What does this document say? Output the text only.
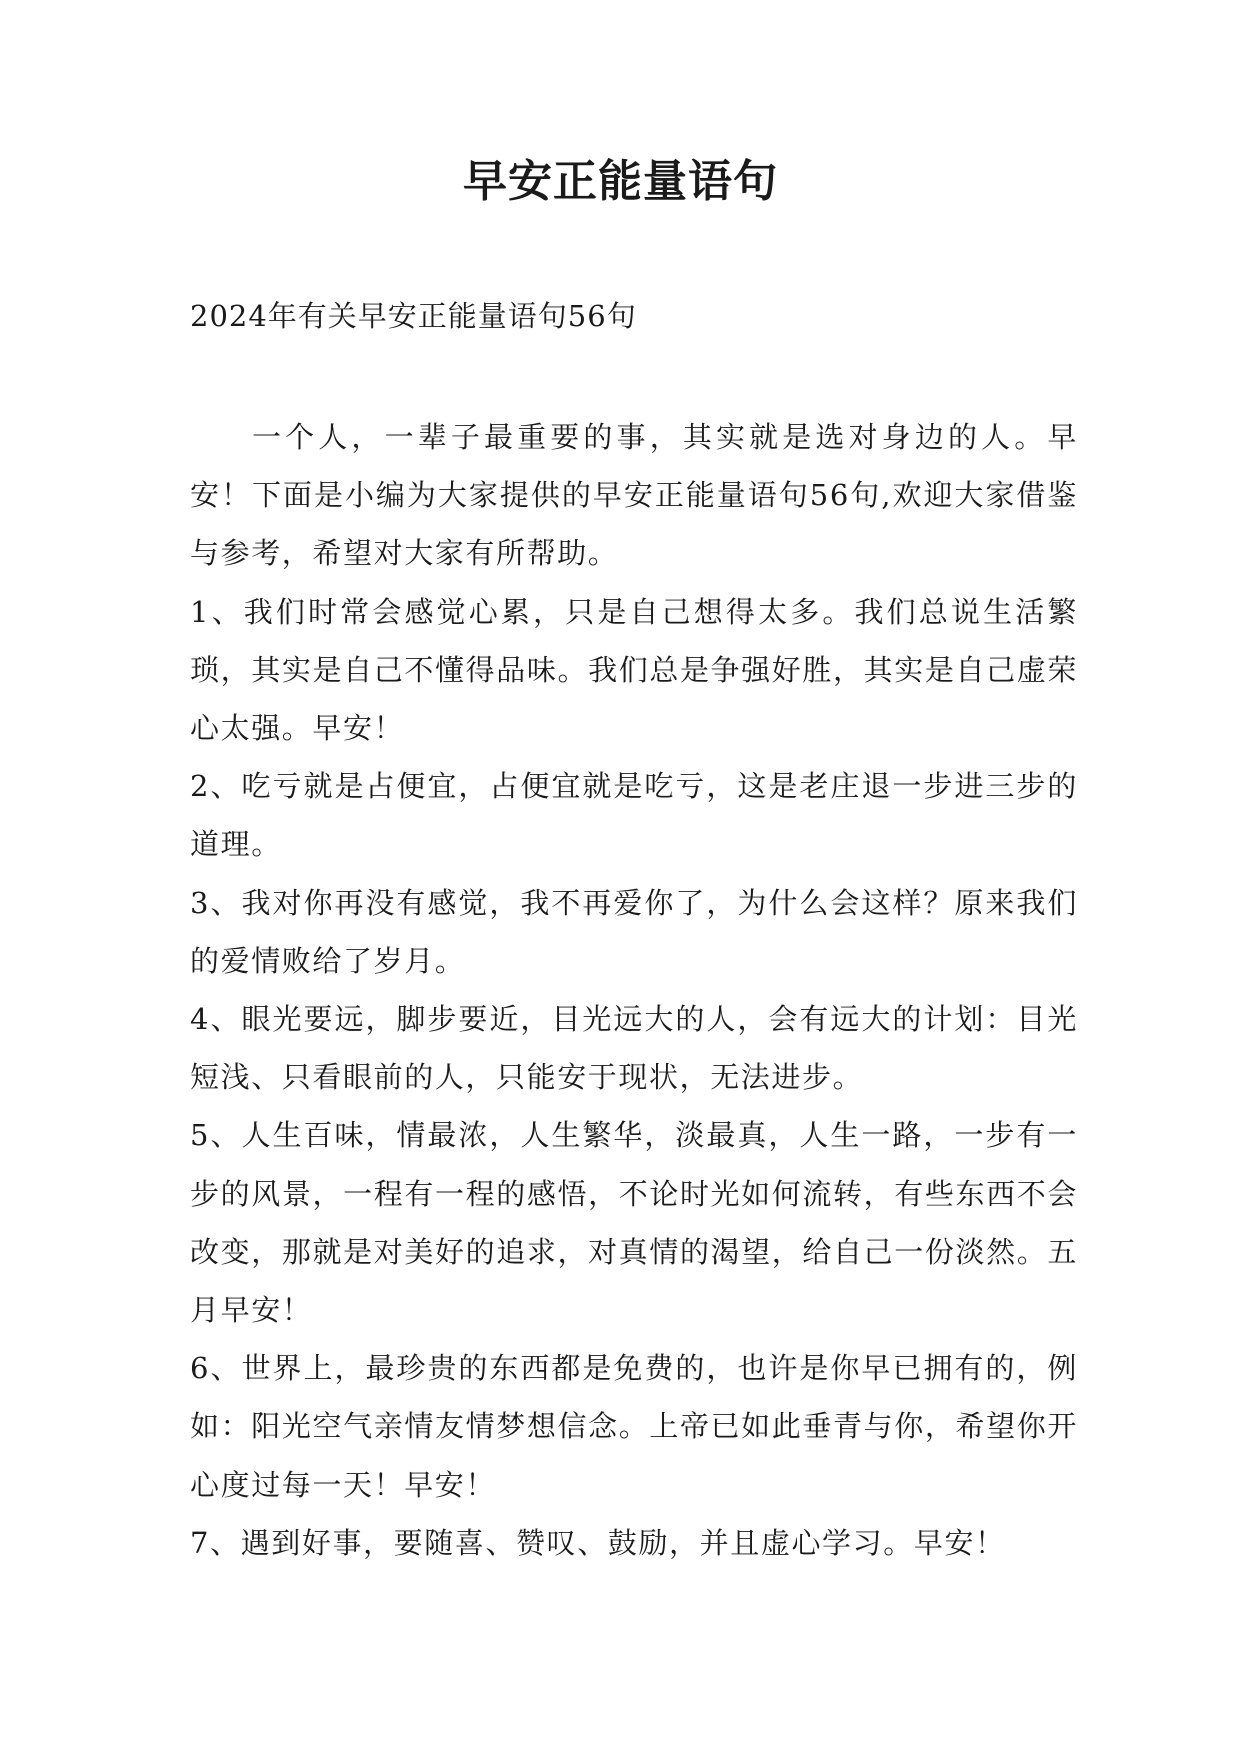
早安正能量语句
2024年有关早安正能量语句56句

一个人，一辈子最重要的事，其实就是选对身边的人。早安！下面是小编为大家提供的早安正能量语句56句,欢迎大家借鉴与参考，希望对大家有所帮助。

1、我们时常会感觉心累，只是自己想得太多。我们总说生活繁琐，其实是自己不懂得品味。我们总是争强好胜，其实是自己虚荣心太强。早安！

2、吃亏就是占便宜，占便宜就是吃亏，这是老庄退一步进三步的道理。

3、我对你再没有感觉，我不再爱你了，为什么会这样？原来我们的爱情败给了岁月。

4、眼光要远，脚步要近，目光远大的人，会有远大的计划：目光短浅、只看眼前的人，只能安于现状，无法进步。

5、人生百味，情最浓，人生繁华，淡最真，人生一路，一步有一步的风景，一程有一程的感悟，不论时光如何流转，有些东西不会改变，那就是对美好的追求，对真情的渴望，给自己一份淡然。五月早安！

6、世界上，最珍贵的东西都是免费的，也许是你早已拥有的，例如：阳光空气亲情友情梦想信念。上帝已如此垂青与你，希望你开心度过每一天！早安！

7、遇到好事，要随喜、赞叹、鼓励，并且虚心学习。早安！
